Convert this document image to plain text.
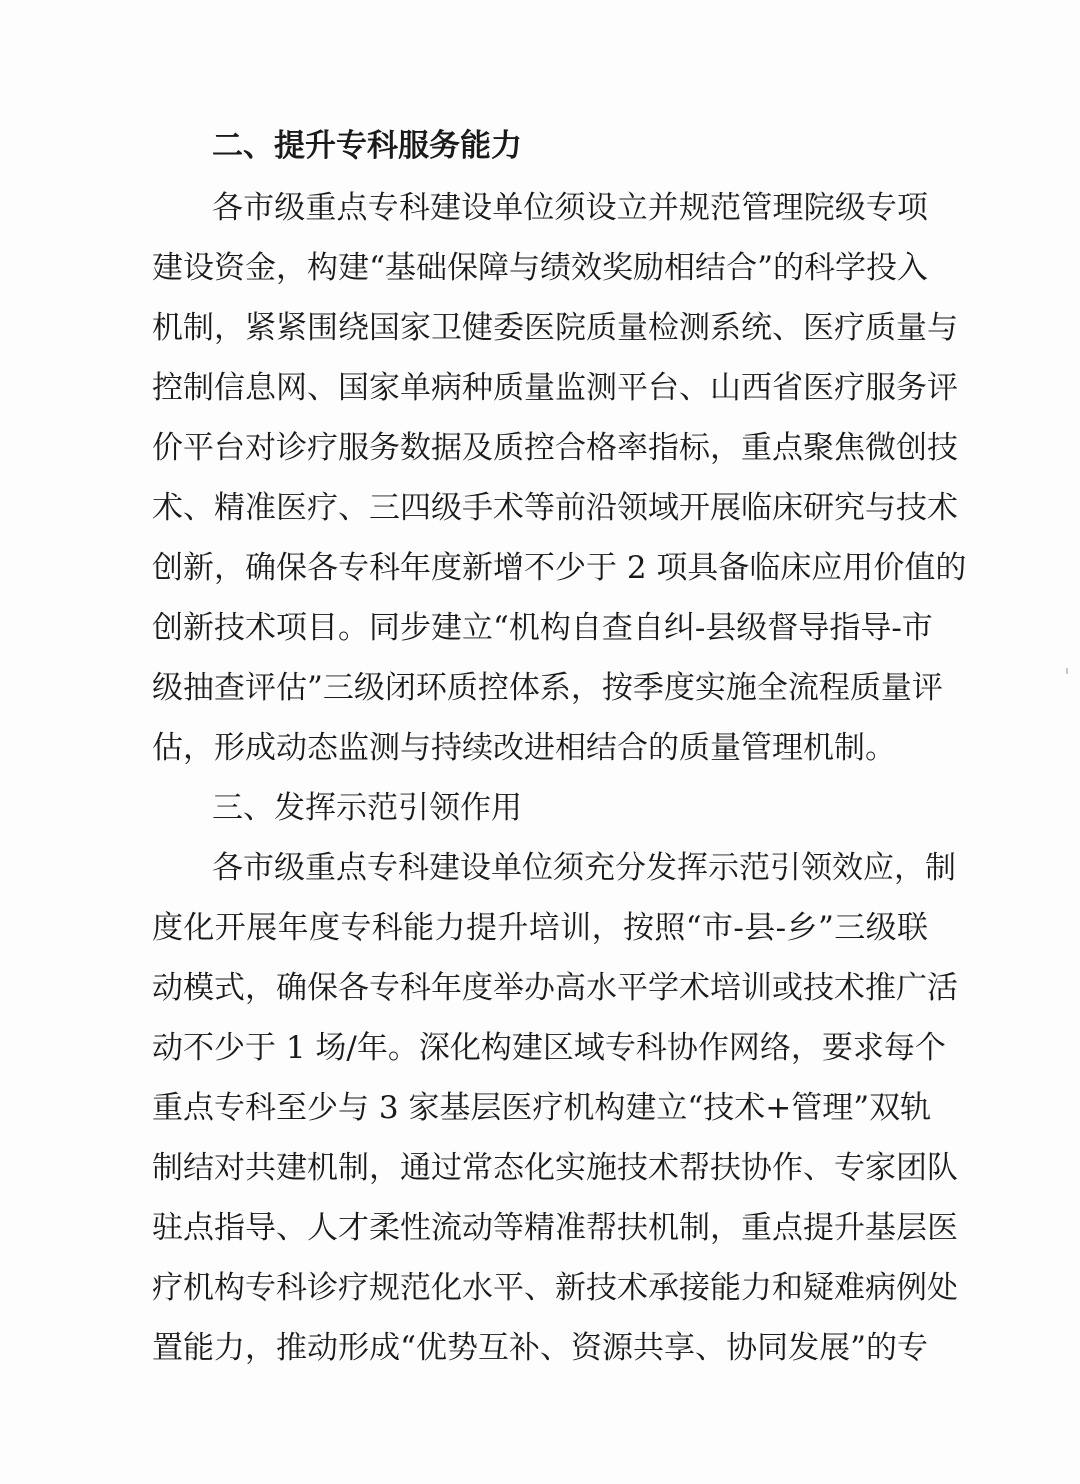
二、提升专科服务能力
各市级重点专科建设单位须设立并规范管理院级专项
建设资金，构建“基础保障与绩效奖励相结合”的科学投入
机制，紧紧围绕国家卫健委医院质量检测系统、医疗质量与
控制信息网、国家单病种质量监测平台、山西省医疗服务评
价平台对诊疗服务数据及质控合格率指标，重点聚焦微创技
术、精准医疗、三四级手术等前沿领域开展临床研究与技术
创新，确保各专科年度新增不少于 2 项具备临床应用价值的
创新技术项目。同步建立“机构自查自纠-县级督导指导-市
级抽查评估”三级闭环质控体系，按季度实施全流程质量评
估，形成动态监测与持续改进相结合的质量管理机制。
三、发挥示范引领作用
各市级重点专科建设单位须充分发挥示范引领效应，制
度化开展年度专科能力提升培训，按照“市-县-乡”三级联
动模式，确保各专科年度举办高水平学术培训或技术推广活
动不少于 1 场/年。深化构建区域专科协作网络，要求每个
重点专科至少与 3 家基层医疗机构建立“技术+管理”双轨
制结对共建机制，通过常态化实施技术帮扶协作、专家团队
驻点指导、人才柔性流动等精准帮扶机制，重点提升基层医
疗机构专科诊疗规范化水平、新技术承接能力和疑难病例处
置能力，推动形成“优势互补、资源共享、协同发展”的专
